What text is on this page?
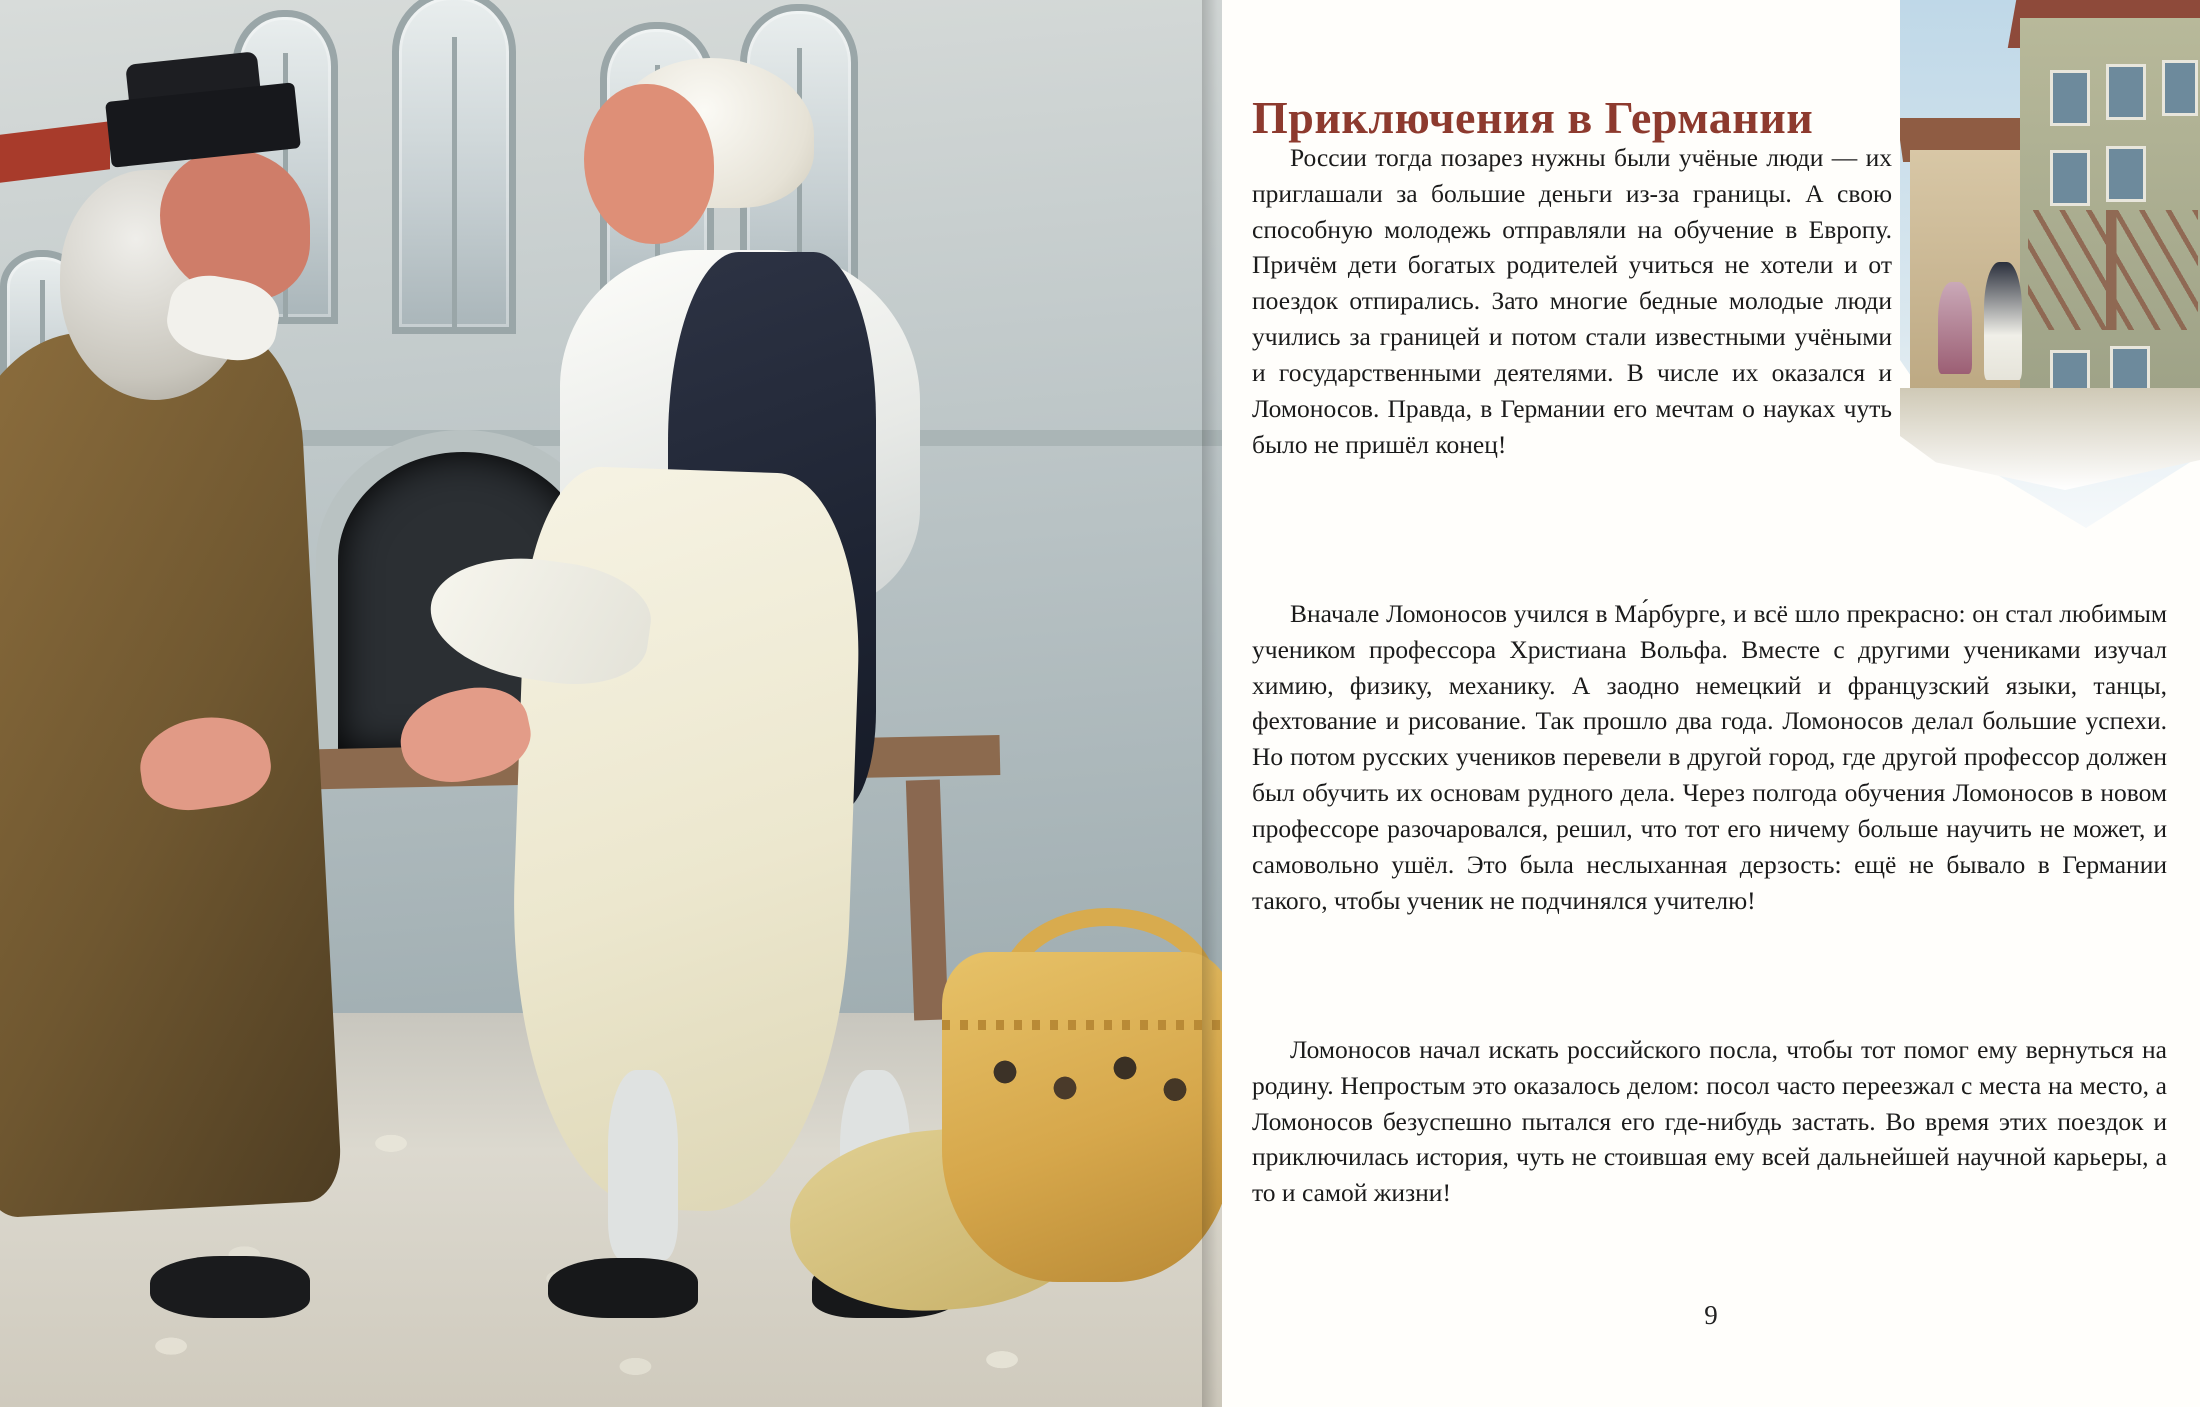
Приключения в Германии

России тогда позарез нужны были учёные люди — их приглашали за большие деньги из-за границы. А свою способную молодежь отправляли на обучение в Европу. Причём дети богатых родителей учиться не хотели и от поездок отпирались. Зато многие бедные молодые люди учились за границей и потом стали известными учёными и государственными деятелями. В числе их оказался и Ломоносов. Правда, в Германии его мечтам о науках чуть было не пришёл конец!

Вначале Ломоносов учился в Ма́рбурге, и всё шло прекрасно: он стал любимым учеником профессора Христиана Вольфа. Вместе с другими учениками изучал химию, физику, механику. А заодно немецкий и французский языки, танцы, фехтование и рисование. Так прошло два года. Ломоносов делал большие успехи. Но потом русских учеников перевели в другой город, где другой профессор должен был обучить их основам рудного дела. Через полгода обучения Ломоносов в новом профессоре разочаровался, решил, что тот его ничему больше научить не может, и самовольно ушёл. Это была неслыханная дерзость: ещё не бывало в Германии такого, чтобы ученик не подчинялся учителю!

Ломоносов начал искать российского посла, чтобы тот помог ему вернуться на родину. Непростым это оказалось делом: посол часто переезжал с места на место, а Ломоносов безуспешно пытался его где-нибудь застать. Во время этих поездок и приключилась история, чуть не стоившая ему всей дальнейшей научной карьеры, а то и самой жизни!

9
